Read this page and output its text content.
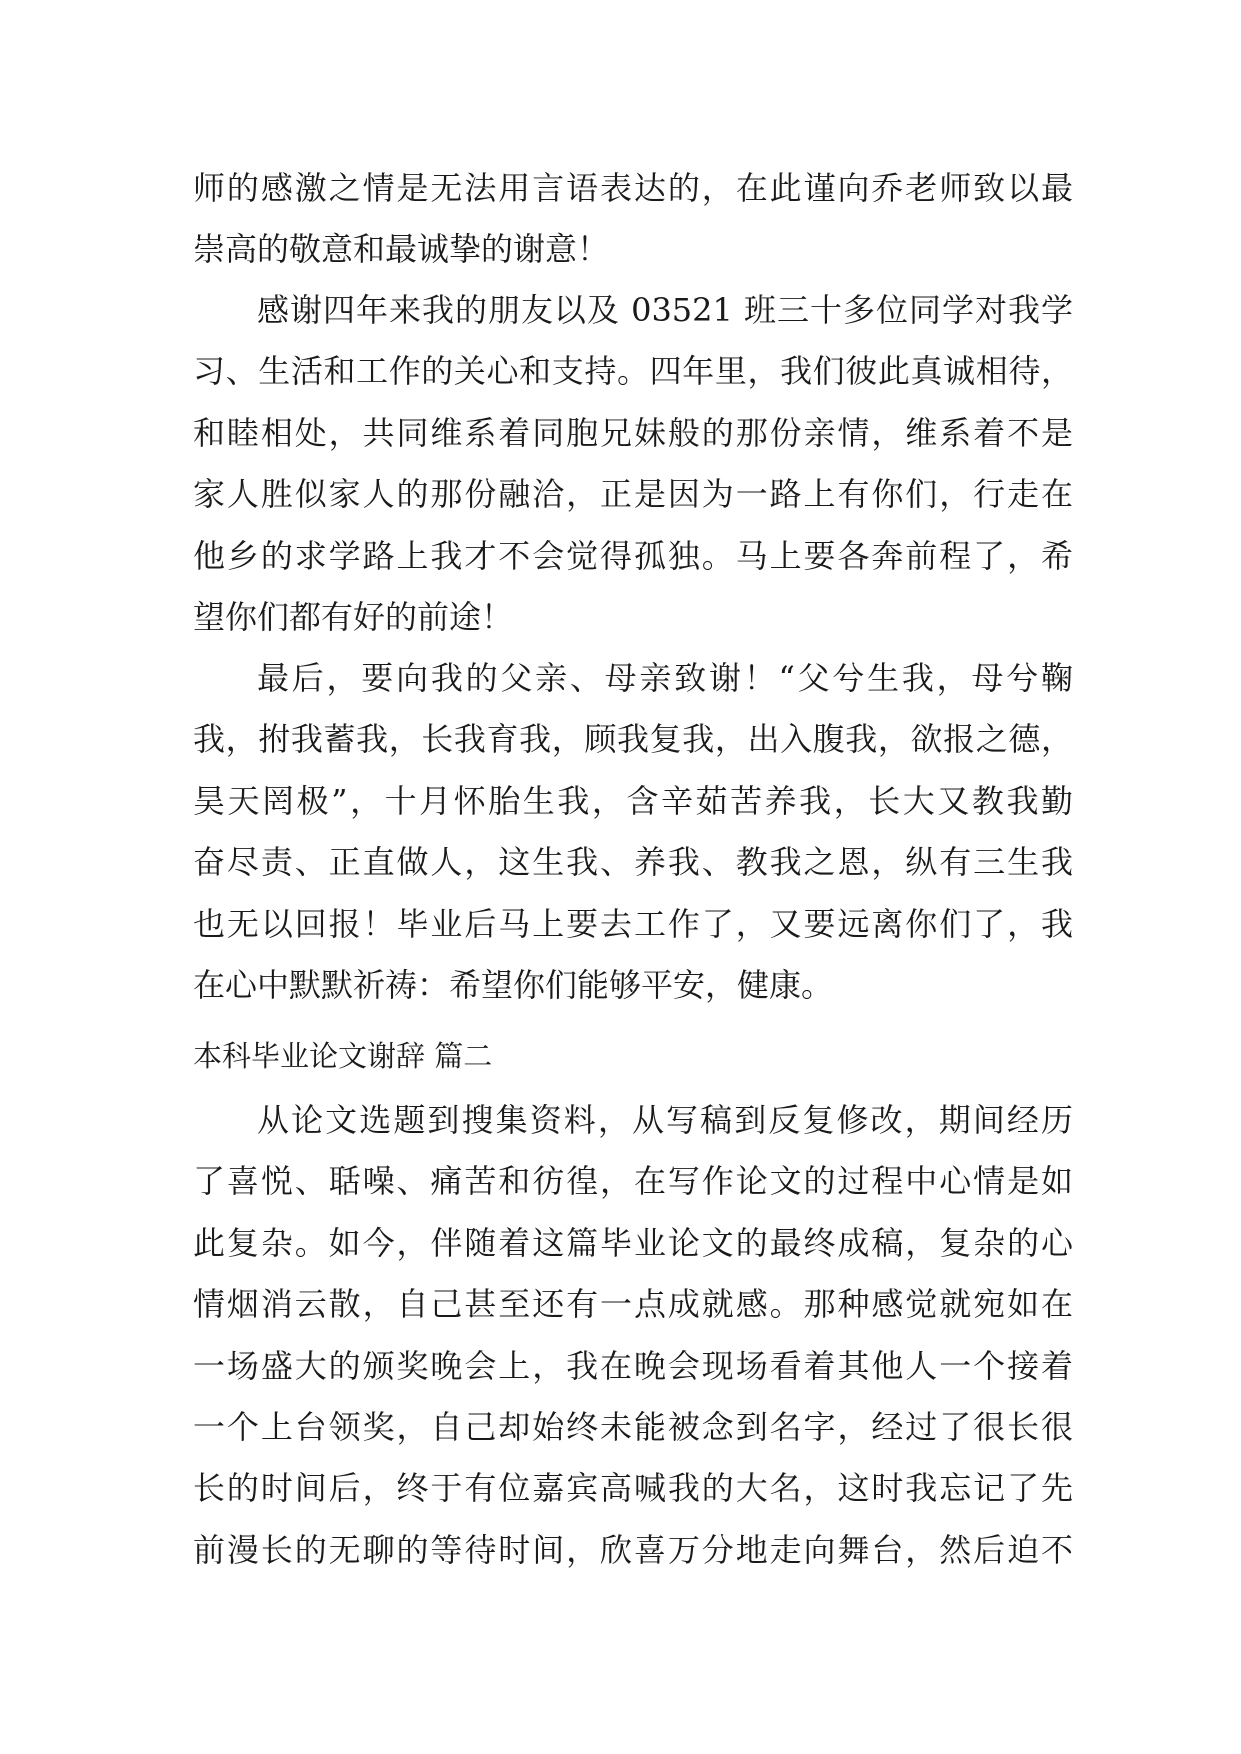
师的感激之情是无法用言语表达的，在此谨向乔老师致以最
崇高的敬意和最诚挚的谢意！
感谢四年来我的朋友以及 03521 班三十多位同学对我学
习、生活和工作的关心和支持。四年里，我们彼此真诚相待，
和睦相处，共同维系着同胞兄妹般的那份亲情，维系着不是
家人胜似家人的那份融洽，正是因为一路上有你们，行走在
他乡的求学路上我才不会觉得孤独。马上要各奔前程了，希
望你们都有好的前途！
最后，要向我的父亲、母亲致谢！“父兮生我，母兮鞠
我，拊我蓄我，长我育我，顾我复我，出入腹我，欲报之德，
昊天罔极”，十月怀胎生我，含辛茹苦养我，长大又教我勤
奋尽责、正直做人，这生我、养我、教我之恩，纵有三生我
也无以回报！毕业后马上要去工作了，又要远离你们了，我
在心中默默祈祷：希望你们能够平安，健康。
本科毕业论文谢辞 篇二
从论文选题到搜集资料，从写稿到反复修改，期间经历
了喜悦、聒噪、痛苦和彷徨，在写作论文的过程中心情是如
此复杂。如今，伴随着这篇毕业论文的最终成稿，复杂的心
情烟消云散，自己甚至还有一点成就感。那种感觉就宛如在
一场盛大的颁奖晚会上，我在晚会现场看着其他人一个接着
一个上台领奖，自己却始终未能被念到名字，经过了很长很
长的时间后，终于有位嘉宾高喊我的大名，这时我忘记了先
前漫长的无聊的等待时间，欣喜万分地走向舞台，然后迫不
